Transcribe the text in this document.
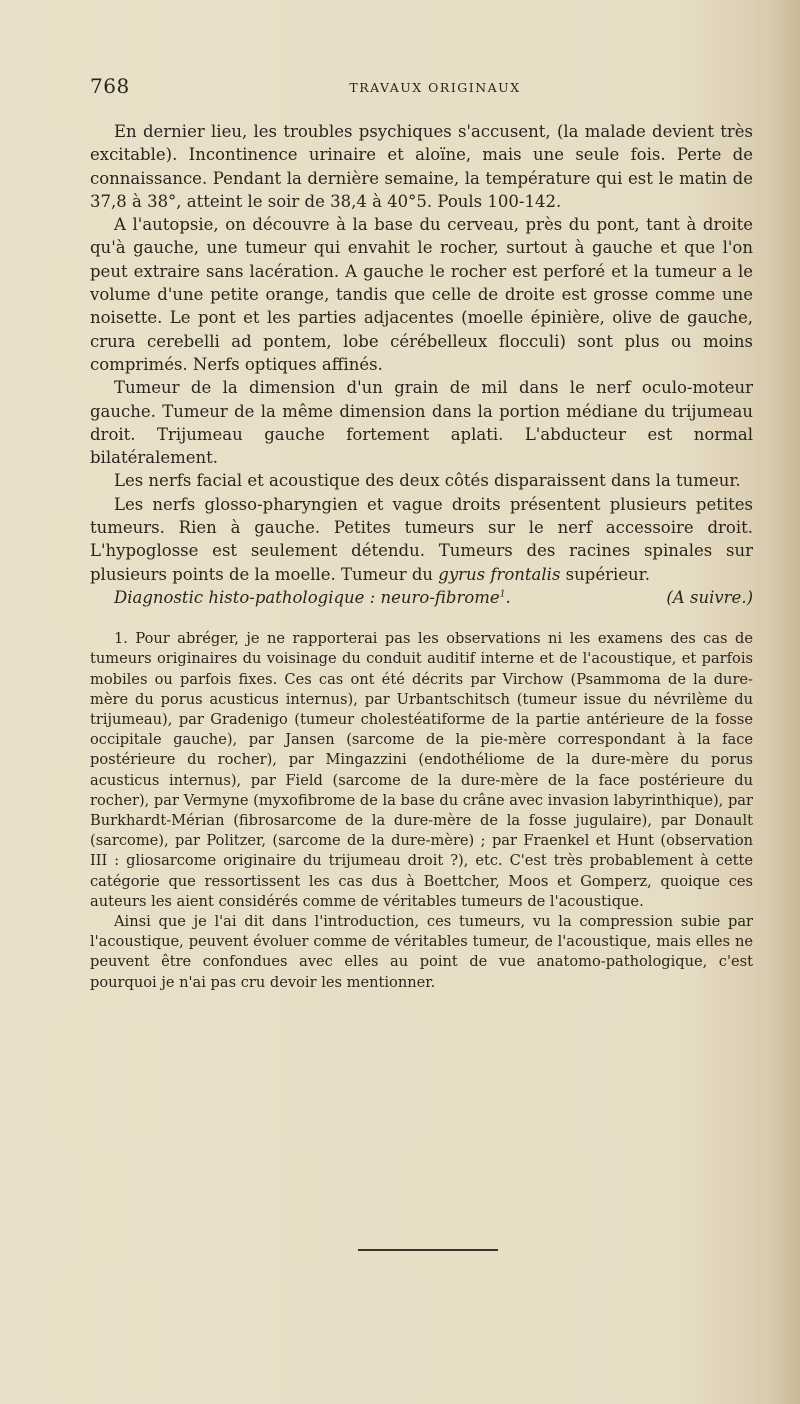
768	TRAVAUX ORIGINAUX

En dernier lieu, les troubles psychiques s'accusent, (la malade devient très excitable). Incontinence urinaire et aloïne, mais une seule fois. Perte de connaissance. Pendant la dernière semaine, la température qui est le matin de 37,8 à 38°, atteint le soir de 38,4 à 40°5. Pouls 100-142.

A l'autopsie, on découvre à la base du cerveau, près du pont, tant à droite qu'à gauche, une tumeur qui envahit le rocher, surtout à gauche et que l'on peut extraire sans lacération. A gauche le rocher est perforé et la tumeur a le volume d'une petite orange, tandis que celle de droite est grosse comme une noisette. Le pont et les parties adjacentes (moelle épinière, olive de gauche, crura cerebelli ad pontem, lobe cérébelleux flocculi) sont plus ou moins comprimés. Nerfs optiques affinés.

Tumeur de la dimension d'un grain de mil dans le nerf oculo-moteur gauche. Tumeur de la même dimension dans la portion médiane du trijumeau droit. Trijumeau gauche fortement aplati. L'abducteur est normal bilatéralement.

Les nerfs facial et acoustique des deux côtés disparaissent dans la tumeur.

Les nerfs glosso-pharyngien et vague droits présentent plusieurs petites tumeurs. Rien à gauche. Petites tumeurs sur le nerf accessoire droit. L'hypoglosse est seulement détendu. Tumeurs des racines spinales sur plusieurs points de la moelle. Tumeur du gyrus frontalis supérieur.

Diagnostic histo-pathologique : neuro-fibrome$^1$.	(A suivre.)

1. Pour abréger, je ne rapporterai pas les observations ni les examens des cas de tumeurs originaires du voisinage du conduit auditif interne et de l'acoustique, et parfois mobiles ou parfois fixes. Ces cas ont été décrits par Virchow (Psammoma de la dure-mère du porus acusticus internus), par Urbantschitsch (tumeur issue du névrilème du trijumeau), par Gradenigo (tumeur cholestéatiforme de la partie antérieure de la fosse occipitale gauche), par Jansen (sarcome de la pie-mère correspondant à la face postérieure du rocher), par Mingazzini (endothéliome de la dure-mère du porus acusticus internus), par Field (sarcome de la dure-mère de la face postérieure du rocher), par Vermyne (myxofibrome de la base du crâne avec invasion labyrinthique), par Burkhardt-Mérian (fibrosarcome de la dure-mère de la fosse jugulaire), par Donault (sarcome), par Politzer, (sarcome de la dure-mère) ; par Fraenkel et Hunt (observation III : gliosarcome originaire du trijumeau droit ?), etc. C'est très probablement à cette catégorie que ressortissent les cas dus à Boettcher, Moos et Gomperz, quoique ces auteurs les aient considérés comme de véritables tumeurs de l'acoustique.

Ainsi que je l'ai dit dans l'introduction, ces tumeurs, vu la compression subie par l'acoustique, peuvent évoluer comme de véritables tumeur, de l'acoustique, mais elles ne peuvent être confondues avec elles au point de vue anatomo-pathologique, c'est pourquoi je n'ai pas cru devoir les mentionner.
